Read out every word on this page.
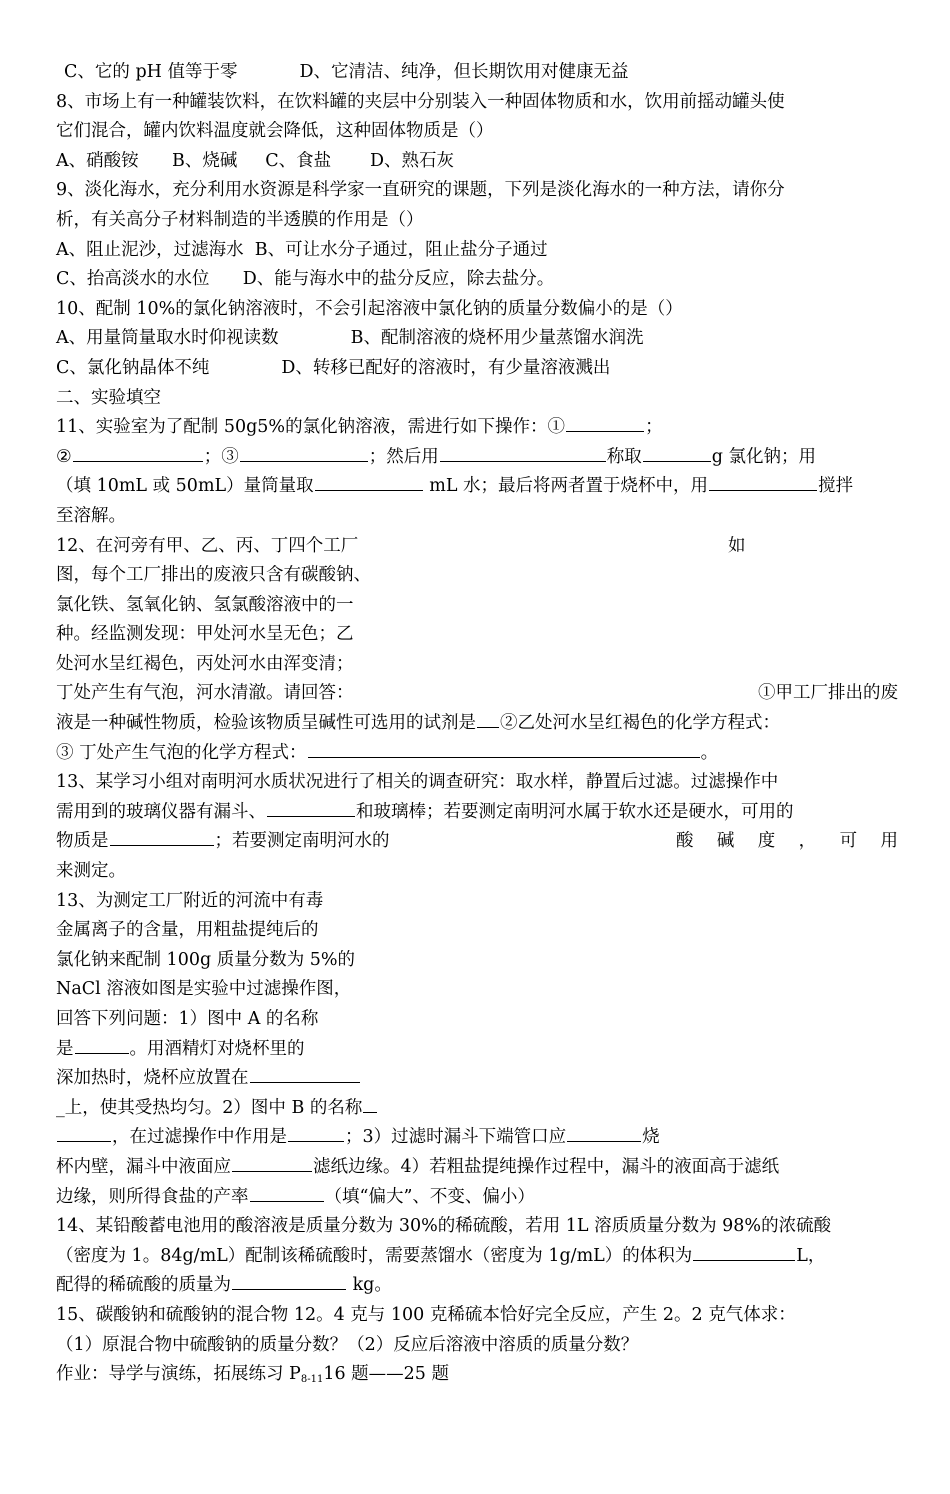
C、它的 pH 值等于零	D、它清洁、纯净，但长期饮用对健康无益
8、市场上有一种罐装饮料，在饮料罐的夹层中分别装入一种固体物质和水，饮用前摇动罐头使
它们混合，罐内饮料温度就会降低，这种固体物质是（）
A、硝酸铵      B、烧碱     C、食盐       D、熟石灰
9、淡化海水，充分利用水资源是科学家一直研究的课题，下列是淡化海水的一种方法，请你分
析，有关高分子材料制造的半透膜的作用是（）
A、阻止泥沙，过滤海水  B、可让水分子通过，阻止盐分子通过
C、抬高淡水的水位      D、能与海水中的盐分反应，除去盐分。
10、配制 10%的氯化钠溶液时，不会引起溶液中氯化钠的质量分数偏小的是（）
A、用量筒量取水时仰视读数	B、配制溶液的烧杯用少量蒸馏水润洗
C、氯化钠晶体不纯	D、转移已配好的溶液时，有少量溶液溅出
二、实验填空
11、实验室为了配制 50g5%的氯化钠溶液，需进行如下操作：①	；
②	；③	；然后用	称取	g 氯化钠；用
（填 10mL 或 50mL）量筒量取	mL 水；最后将两者置于烧杯中，用	搅拌
至溶解。
12、在河旁有甲、乙、丙、丁四个工厂	如
图，每个工厂排出的废液只含有碳酸钠、
氯化铁、氢氧化钠、氢氯酸溶液中的一
种。经监测发现：甲处河水呈无色；乙
处河水呈红褐色，丙处河水由浑变清；
丁处产生有气泡，河水清澈。请回答：	①甲工厂排出的废
液是一种碱性物质，检验该物质呈碱性可选用的试剂是 ②乙处河水呈红褐色的化学方程式：
③ 丁处产生气泡的化学方程式：	。
13、某学习小组对南明河水质状况进行了相关的调查研究：取水样，静置后过滤。过滤操作中
需用到的玻璃仪器有漏斗、	和玻璃棒；若要测定南明河水属于软水还是硬水，可用的
物质是	；若要测定南明河水的	酸 碱 度 ， 可 用
来测定。
13、为测定工厂附近的河流中有毒
金属离子的含量，用粗盐提纯后的
氯化钠来配制 100g 质量分数为 5%的
NaCl 溶液如图是实验中过滤操作图，
回答下列问题：1）图中 A 的名称
是	。用酒精灯对烧杯里的
深加热时，烧杯应放置在
_上，使其受热均匀。2）图中 B 的名称
，在过滤操作中作用是	；3）过滤时漏斗下端管口应	烧
杯内壁，漏斗中液面应	滤纸边缘。4）若粗盐提纯操作过程中，漏斗的液面高于滤纸
边缘，则所得食盐的产率	（填“偏大”、不变、偏小）
14、某铅酸蓄电池用的酸溶液是质量分数为 30%的稀硫酸，若用 1L 溶质质量分数为 98%的浓硫酸
（密度为 1。84g/mL）配制该稀硫酸时，需要蒸馏水（密度为 1g/mL）的体积为	L，
配得的稀硫酸的质量为	kg。
15、碳酸钠和硫酸钠的混合物 12。4 克与 100 克稀硫本恰好完全反应，产生 2。2 克气体求：
（1）原混合物中硫酸钠的质量分数？（2）反应后溶液中溶质的质量分数？
作业：导学与演练，拓展练习 $P_{8-11}16$ 题——25 题
